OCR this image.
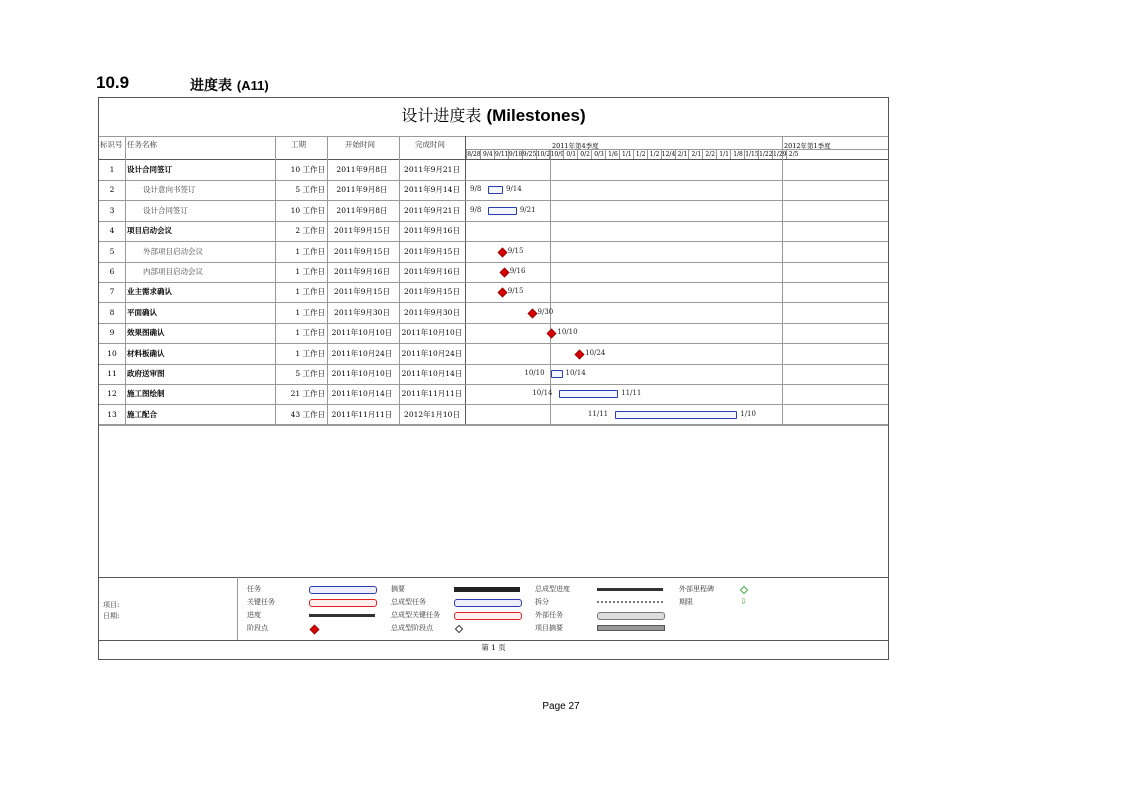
10.9	进度表 (A11)
设计进度表 (Milestones)
标识号 任务名称	工期	开始时间	完成时间	2011年第4季度	2012年第1季度
8/28 9/4 9/11 9/18 9/25 10/2 10/9 0/1 0/2 0/3 1/6 1/1 1/2 1/2 12/4 2/1 2/1 2/2 1/1 1/8 1/15 1/22 1/29 2/5
1	设计合同签订	10 工作日	2011年9月8日	2011年9月21日
2	设计意向书签订	5 工作日	2011年9月8日	2011年9月14日	9/8	9/14
3	设计合同签订	10 工作日	2011年9月8日	2011年9月21日	9/8	9/21
4	项目启动会议	2 工作日	2011年9月15日	2011年9月16日
5	外部项目启动会议	1 工作日	2011年9月15日	2011年9月15日	9/15
6	内部项目启动会议	1 工作日	2011年9月16日	2011年9月16日	9/16
7	业主需求确认	1 工作日	2011年9月15日	2011年9月15日	9/15
8	平面确认	1 工作日	2011年9月30日	2011年9月30日	9/30
9	效果图确认	1 工作日 2011年10月10日	2011年10月10日	10/10
10	材料板确认	1 工作日 2011年10月24日	2011年10月24日	10/24
11	政府送审图	5 工作日 2011年10月10日	2011年10月14日	10/10	10/14
12	施工图绘制	21 工作日 2011年10月14日	2011年11月11日	10/14	11/11
13	施工配合	43 工作日 2011年11月11日	2012年1月10日	11/11	1/10
项目:
日期:
任务
关键任务
进度
阶段点
摘要
总成型任务
总成型关键任务
总成型阶段点
总成型进度
拆分
外部任务
项目摘要
外部里程碑
期限	⇩
第 1 页
Page 27
